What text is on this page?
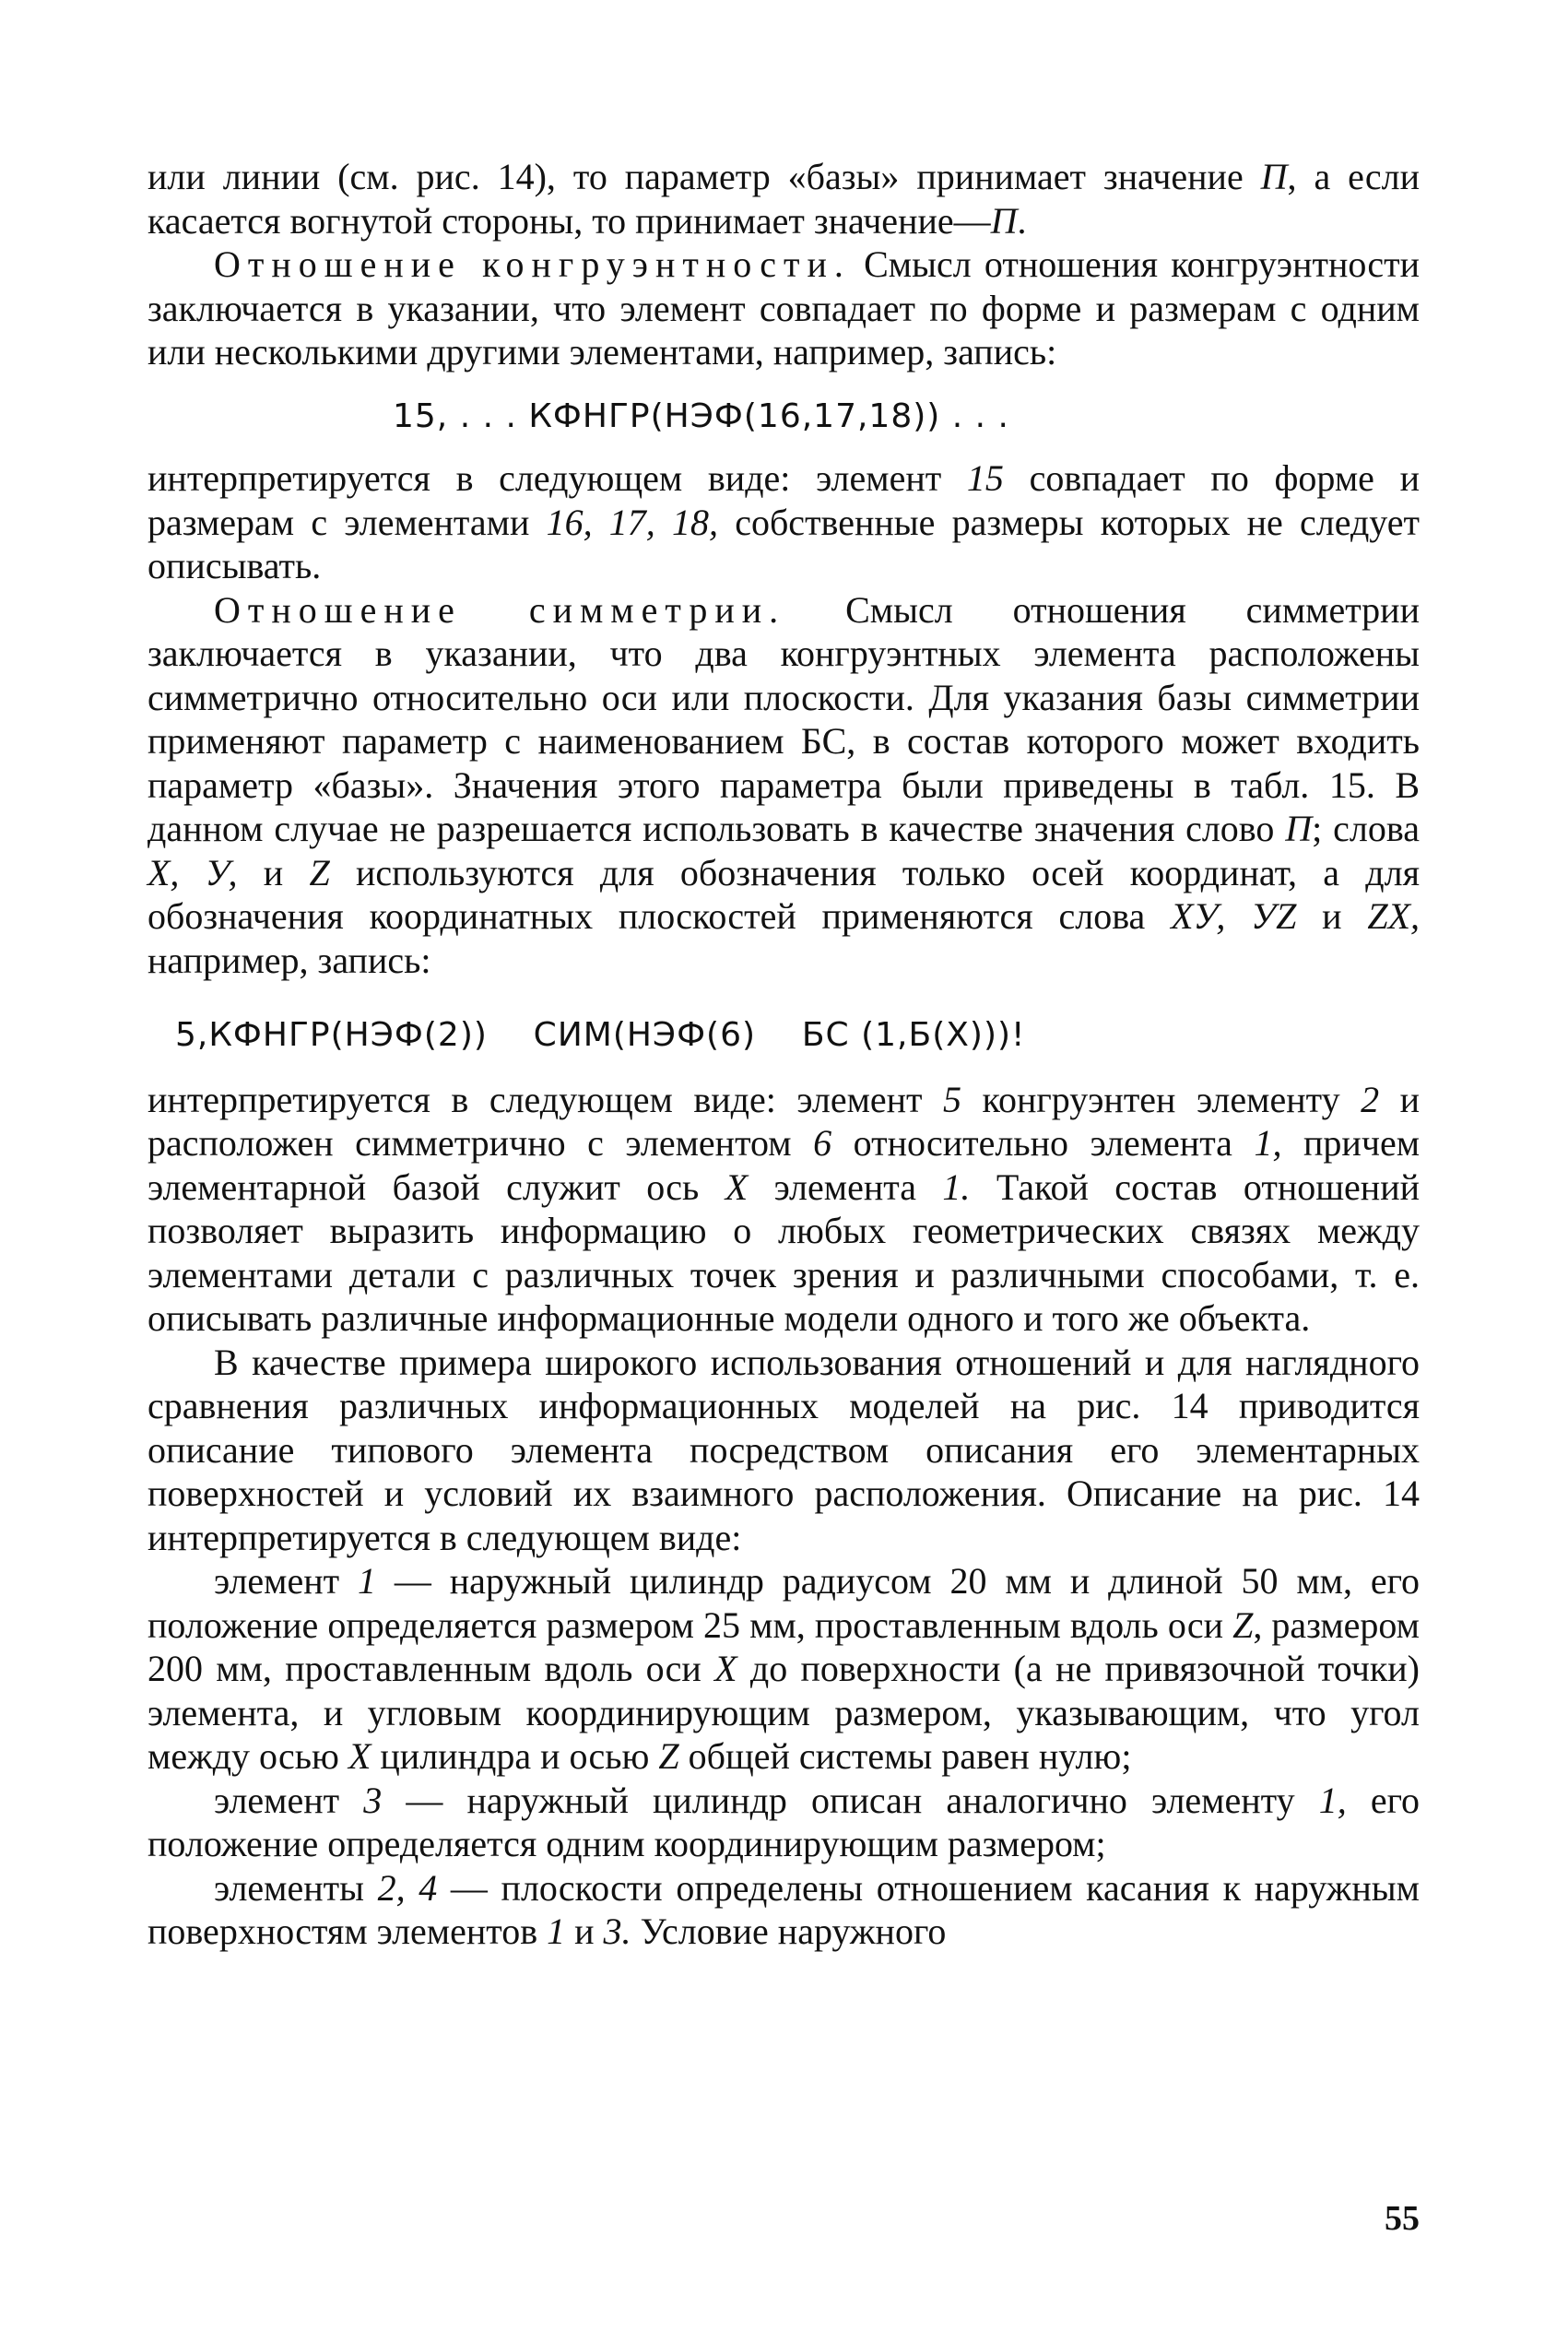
или линии (см. рис. 14), то параметр «базы» принимает значение П, а если касается вогнутой стороны, то принимает значение—П.

Отношение конгруэнтности. Смысл отношения конгруэнтности заключается в указании, что элемент совпадает по форме и размерам с одним или несколькими другими элементами, например, запись:

15, . . . КФНГР(НЭФ(16,17,18)) . . .

интерпретируется в следующем виде: элемент 15 совпадает по форме и размерам с элементами 16, 17, 18, собственные размеры которых не следует описывать.

Отношение симметрии. Смысл отношения симметрии заключается в указании, что два конгруэнтных элемента расположены симметрично относительно оси или плоскости. Для указания базы симметрии применяют параметр с наименованием БС, в состав которого может входить параметр «базы». Значения этого параметра были приведены в табл. 15. В данном случае не разрешается использовать в качестве значения слово П; слова X, У, и Z используются для обозначения только осей координат, а для обозначения координатных плоскостей применяются слова XУ, УZ и ZX, например, запись:

5,КФНГР(НЭФ(2))    СИМ(НЭФ(6)    БС (1,Б(Х)))!

интерпретируется в следующем виде: элемент 5 конгруэнтен элементу 2 и расположен симметрично с элементом 6 относительно элемента 1, причем элементарной базой служит ось X элемента 1. Такой состав отношений позволяет выразить информацию о любых геометрических связях между элементами детали с различных точек зрения и различными способами, т. е. описывать различные информационные модели одного и того же объекта.

В качестве примера широкого использования отношений и для наглядного сравнения различных информационных моделей на рис. 14 приводится описание типового элемента посредством описания его элементарных поверхностей и условий их взаимного расположения. Описание на рис. 14 интерпретируется в следующем виде:

элемент 1 — наружный цилиндр радиусом 20 мм и длиной 50 мм, его положение определяется размером 25 мм, проставленным вдоль оси Z, размером 200 мм, проставленным вдоль оси X до поверхности (а не привязочной точки) элемента, и угловым координирующим размером, указывающим, что угол между осью X цилиндра и осью Z общей системы равен нулю;

элемент 3 — наружный цилиндр описан аналогично элементу 1, его положение определяется одним координирующим размером;

элементы 2, 4 — плоскости определены отношением касания к наружным поверхностям элементов 1 и 3. Условие наружного

55
